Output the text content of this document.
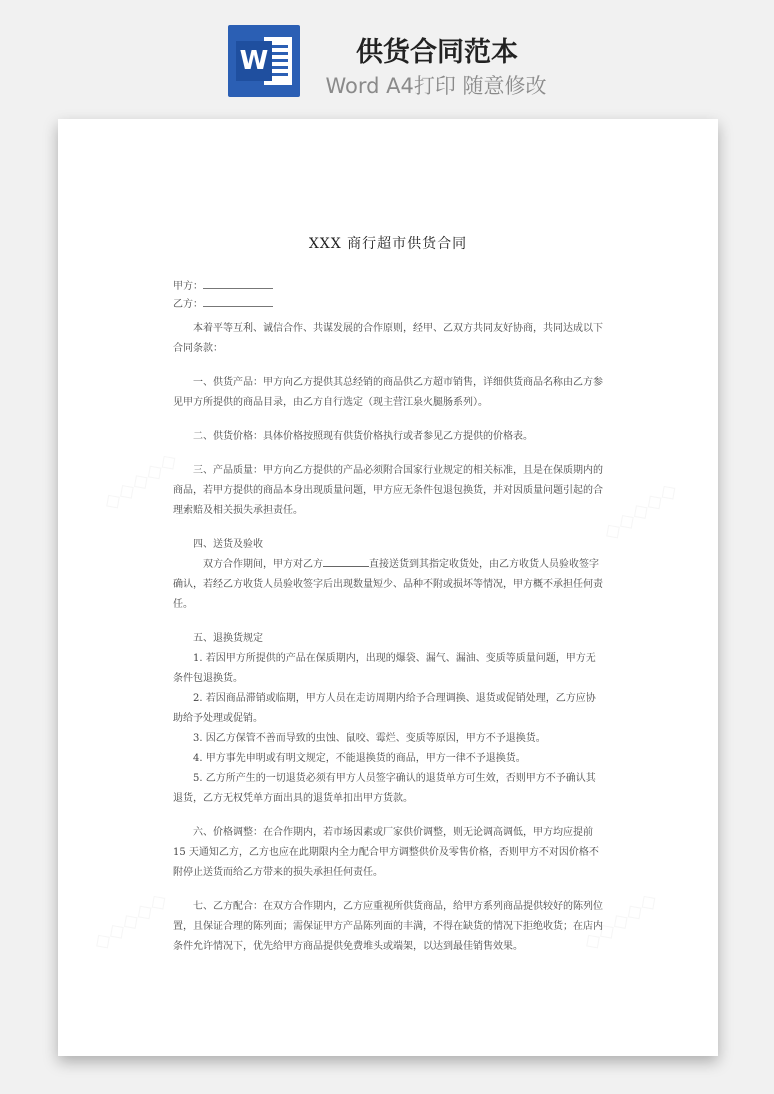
W	供货合同范本
Word A4打印 随意修改
XXX 商行超市供货合同
甲方：
乙方：

本着平等互利、诚信合作、共谋发展的合作原则，经甲、乙双方共同友好协商，共同达成以下合同条款：

一、供货产品：甲方向乙方提供其总经销的商品供乙方超市销售，详细供货商品名称由乙方参见甲方所提供的商品目录，由乙方自行选定（现主营江泉火腿肠系列）。

二、供货价格：具体价格按照现有供货价格执行或者参见乙方提供的价格表。

三、产品质量：甲方向乙方提供的产品必须附合国家行业规定的相关标准，且是在保质期内的商品，若甲方提供的商品本身出现质量问题，甲方应无条件包退包换货，并对因质量问题引起的合理索赔及相关损失承担责任。

四、送货及验收

双方合作期间，甲方对乙方	直接送货到其指定收货处，由乙方收货人员验收签字确认，若经乙方收货人员验收签字后出现数量短少、品种不附或损坏等情况，甲方概不承担任何责任。

五、退换货规定

1. 若因甲方所提供的产品在保质期内，出现的爆袋、漏气、漏油、变质等质量问题，甲方无条件包退换货。

2. 若因商品滞销或临期，甲方人员在走访周期内给予合理调换、退货或促销处理，乙方应协助给予处理或促销。

3. 因乙方保管不善而导致的虫蚀、鼠咬、霉烂、变质等原因，甲方不予退换货。

4. 甲方事先申明或有明文规定，不能退换货的商品，甲方一律不予退换货。

5. 乙方所产生的一切退货必须有甲方人员签字确认的退货单方可生效，否则甲方不予确认其退货，乙方无权凭单方面出具的退货单扣出甲方货款。

六、价格调整：在合作期内，若市场因素或厂家供价调整，则无论调高调低，甲方均应提前 15 天通知乙方，乙方也应在此期限内全力配合甲方调整供价及零售价格，否则甲方不对因价格不附停止送货而给乙方带来的损失承担任何责任。

七、乙方配合：在双方合作期内，乙方应重视所供货商品，给甲方系列商品提供较好的陈列位置，且保证合理的陈列面；需保证甲方产品陈列面的丰满，不得在缺货的情况下拒绝收货；在店内条件允许情况下，优先给甲方商品提供免费堆头或端架，以达到最佳销售效果。
